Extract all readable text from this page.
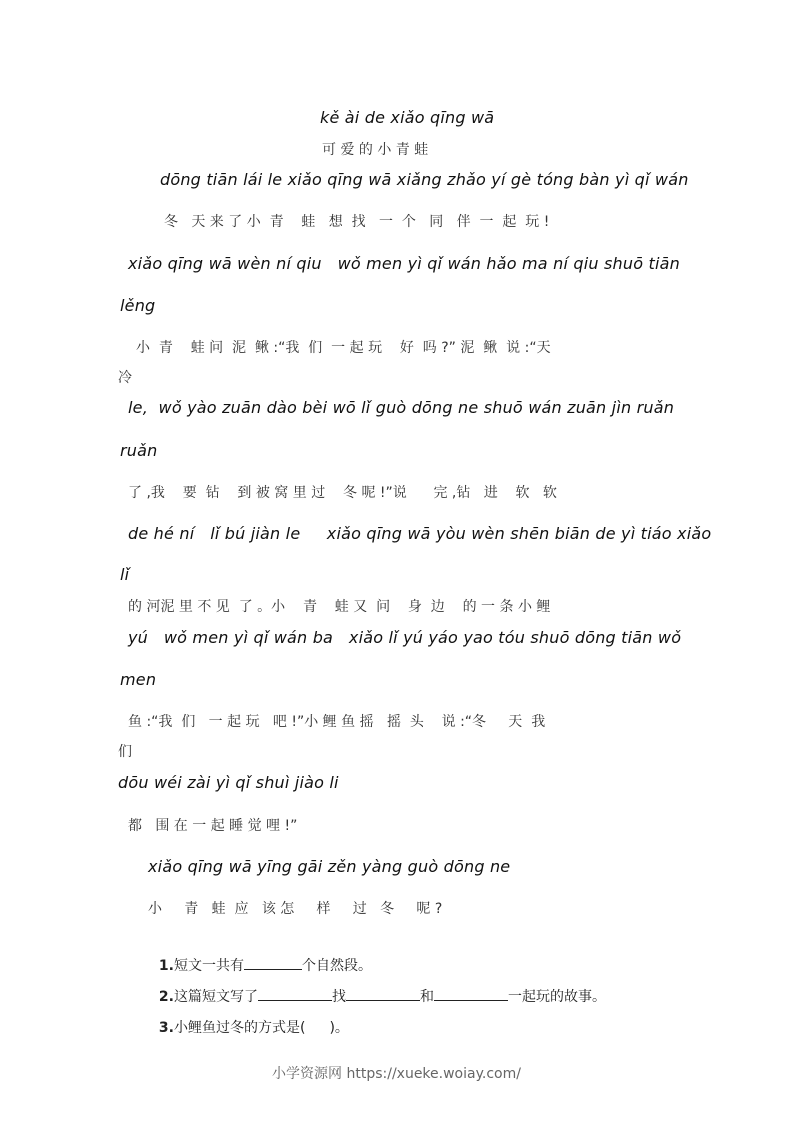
kě ài de xiǎo qīng wā
可 爱 的 小 青 蛙
dōng tiān lái le xiǎo qīng wā xiǎng zhǎo yí gè tóng bàn yì qǐ wán
冬   天 来 了 小  青    蛙   想  找   一  个   同   伴  一  起  玩 !
xiǎo qīng wā wèn ní qiu   wǒ men yì qǐ wán hǎo ma ní qiu shuō tiān
lěng
小  青    蛙 问  泥  鳅 :“我  们  一 起 玩    好  吗 ?” 泥  鳅  说 :“天
冷
le,  wǒ yào zuān dào bèi wō lǐ guò dōng ne shuō wán zuān jìn ruǎn
ruǎn
了 ,我    要  钻    到 被 窝 里 过    冬 呢 !”说      完 ,钻   进    软   软
de hé ní   lǐ bú jiàn le     xiǎo qīng wā yòu wèn shēn biān de yì tiáo xiǎo
lǐ
的 河泥 里 不 见  了 。小    青    蛙 又  问    身  边    的 一 条 小 鲤
yú   wǒ men yì qǐ wán ba   xiǎo lǐ yú yáo yao tóu shuō dōng tiān wǒ
men
鱼 :“我  们   一 起 玩   吧 !”小 鲤 鱼 摇   摇  头    说 :“冬     天  我
们
dōu wéi zài yì qǐ shuì jiào li
都   围 在 一 起 睡 觉 哩 !”
xiǎo qīng wā yīng gāi zěn yàng guò dōng ne
小     青   蛙  应   该 怎     样     过   冬     呢 ?

1.短文一共有	个自然段。

2.这篇短文写了	找	和	一起玩的故事。

3.小鲤鱼过冬的方式是( )。

小学资源网 https://xueke.woiay.com/
